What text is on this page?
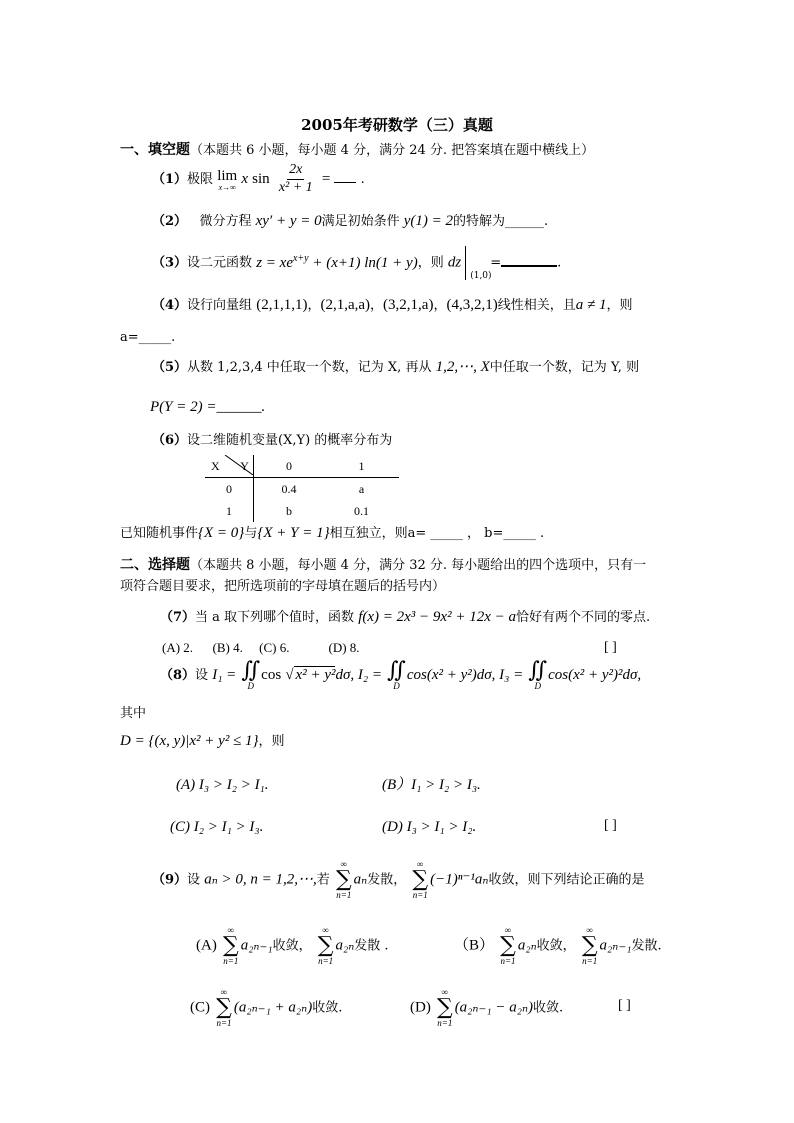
2005年考研数学（三）真题
一、填空题（本题共 6 小题，每小题 4 分，满分 24 分. 把答案填在题中横线上）
（1）极限 lim
x→∞
x $\sin \frac{2x}{\text{x² + 1}}$ = .
（2） 微分方程 xy′ + y = 0满足初始条件 y(1) = 2的特解为______.
（3）设二元函数 $z = xe^{x+y} + (x+1) \ln(1 + y)$，则 dz
(1,0)
=	.
（4）设行向量组 (2,1,1,1)，(2,1,a,a)，(3,2,1,a)，(4,3,2,1)线性相关，且a ≠ 1，则
a=_____.
（5）从数 1,2,3,4 中任取一个数，记为 X, 再从 1,2,⋯, X中任取一个数，记为 Y, 则
P(Y = 2) =______.
（6）设二维随机变量(X,Y) 的概率分布为
X Y	0	1
0	0.4	a
1	b	0.1
已知随机事件{X = 0}与{X + Y = 1}相互独立，则a= _____ ， b=_____ .
二、选择题（本题共 8 小题，每小题 4 分，满分 32 分. 每小题给出的四个选项中，只有一
项符合题目要求，把所选项前的字母填在题后的括号内）
（7）当 a 取下列哪个值时，函数 f(x) = 2x³ − 9x² + 12x − a恰好有两个不同的零点.
(A) 2. (B) 4. (C) 6.	(D) 8.	[ ]
（8）设 I₁ = ∬
D
cos √ x² + y²dσ, I₂ = ∬
D
cos(x² + y²)dσ, I₃ = ∬
D
cos(x² + y²)²dσ,
其中
D = {(x, y)|x² + y² ≤ 1}，则
(A) I₃ > I₂ > I₁.	(B）I₁ > I₂ > I₃.
(C) I₂ > I₁ > I₃.	(D) I₃ > I₁ > I₂.	[ ]
（9）设 aₙ > 0, n = 1,2,⋯,若
∞
∑
n=1
aₙ发散，
∞
∑
n=1
(−1)ⁿ⁻¹aₙ收敛，则下列结论正确的是
(A)
∞
∑
n=1
a₂ₙ₋₁收敛，
∞
∑
n=1
a₂ₙ发散 .	（B）
∞
∑
n=1
a₂ₙ收敛，
∞
∑
n=1
a₂ₙ₋₁发散.
(C)
∞
∑
n=1
(a₂ₙ₋₁ + a₂ₙ)收敛.	(D)
∞
∑
n=1
(a₂ₙ₋₁ − a₂ₙ)收敛.	[ ]
